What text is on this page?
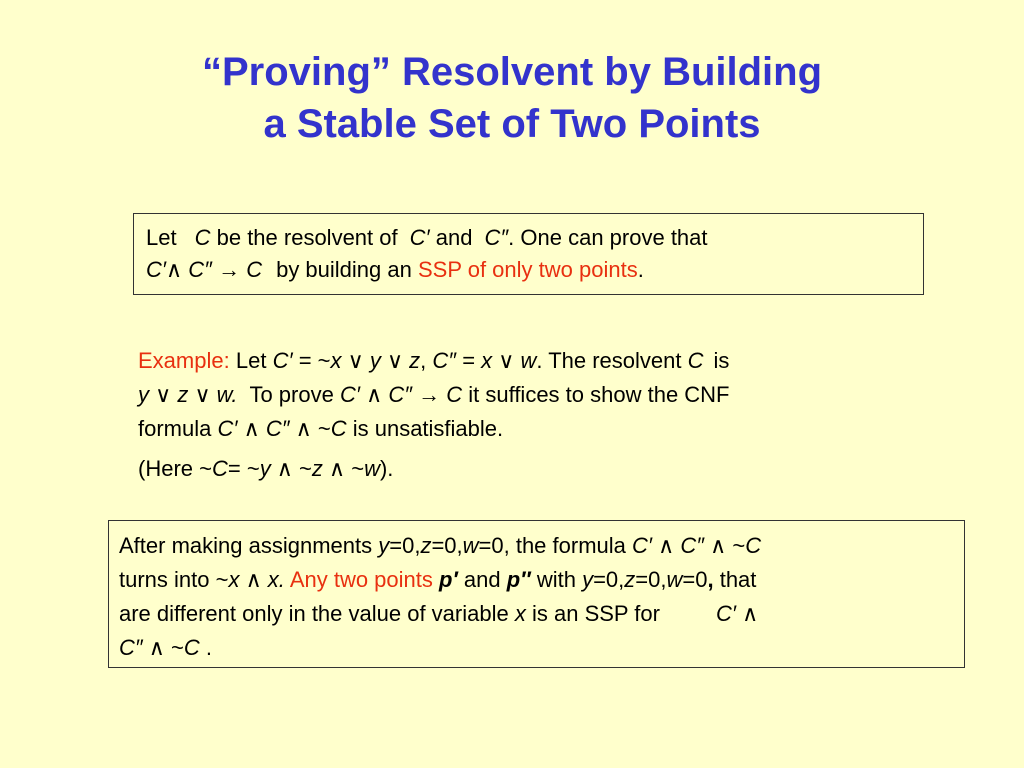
“Proving” Resolvent by Building
a Stable Set of Two Points
Let C be the resolvent of C′ and C″. One can prove that
C′∧ C″ → C by building an SSP of only two points.
Example: Let C′ = ~x ∨ y ∨ z, C″ = x ∨ w. The resolvent C is
y ∨ z ∨ w. To prove C′ ∧ C″ → C it suffices to show the CNF
formula C′ ∧ C″ ∧ ~C is unsatisfiable.
(Here ~C= ~y ∧ ~z ∧ ~w).
After making assignments y=0,z=0,w=0, the formula C′ ∧ C″ ∧ ~C
turns into ~x ∧ x. Any two points p′ and p″ with y=0,z=0,w=0, that
are different only in the value of variable x is an SSP for	C′ ∧
C″ ∧ ~C .
